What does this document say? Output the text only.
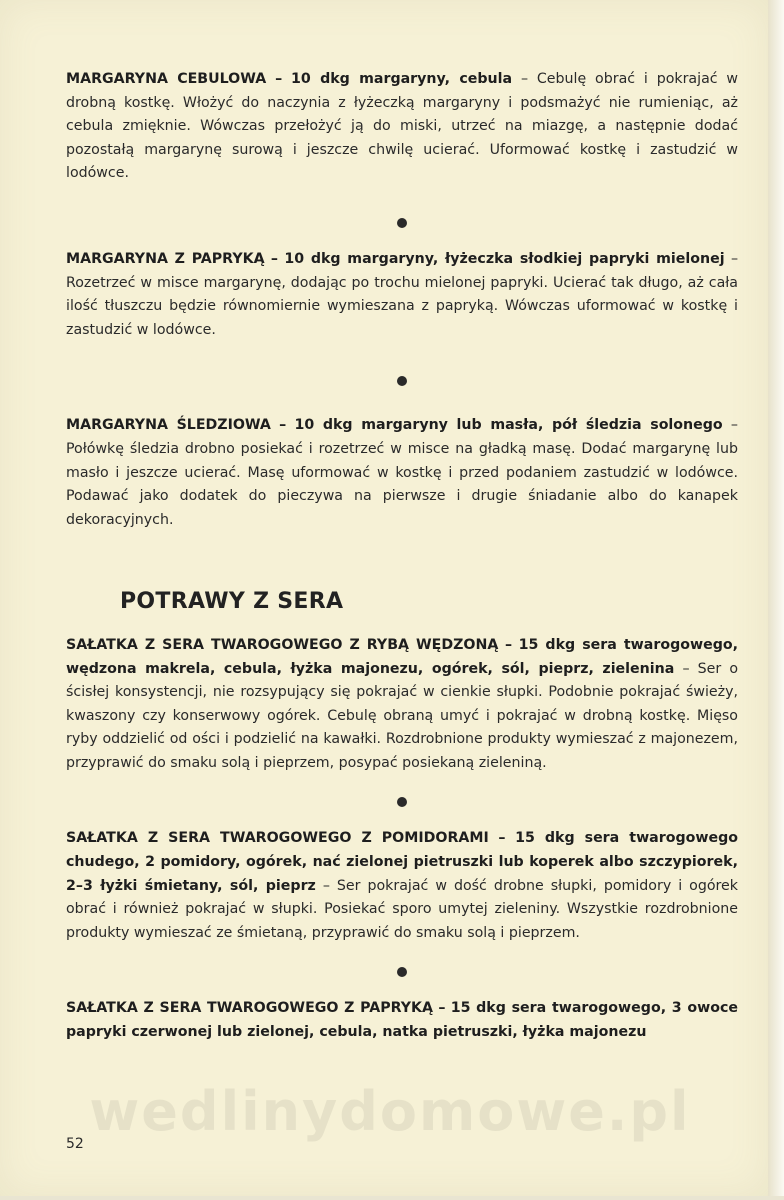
MARGARYNA CEBULOWA – 10 dkg margaryny, cebula – Cebulę obrać i pokrajać w drobną kostkę. Włożyć do naczynia z łyżeczką margaryny i podsmażyć nie rumieniąc, aż cebula zmięknie. Wówczas przełożyć ją do miski, utrzeć na miazgę, a następnie dodać pozostałą margarynę surową i jeszcze chwilę ucierać. Uformować kostkę i zastudzić w lodówce.

MARGARYNA Z PAPRYKĄ – 10 dkg margaryny, łyżeczka słodkiej papryki mielonej – Rozetrzeć w misce margarynę, dodając po trochu mielonej papryki. Ucierać tak długo, aż cała ilość tłuszczu będzie równomiernie wymieszana z papryką. Wówczas uformować w kostkę i zastudzić w lodówce.

MARGARYNA ŚLEDZIOWA – 10 dkg margaryny lub masła, pół śledzia solonego – Połówkę śledzia drobno posiekać i rozetrzeć w misce na gładką masę. Dodać margarynę lub masło i jeszcze ucierać. Masę uformować w kostkę i przed podaniem zastudzić w lodówce. Podawać jako dodatek do pieczywa na pierwsze i drugie śniadanie albo do kanapek dekoracyjnych.

POTRAWY Z SERA

SAŁATKA Z SERA TWAROGOWEGO Z RYBĄ WĘDZONĄ – 15 dkg sera twarogowego, wędzona makrela, cebula, łyżka majonezu, ogórek, sól, pieprz, zielenina – Ser o ścisłej konsystencji, nie rozsypujący się pokrajać w cienkie słupki. Podobnie pokrajać świeży, kwaszony czy konserwowy ogórek. Cebulę obraną umyć i pokrajać w drobną kostkę. Mięso ryby oddzielić od ości i podzielić na kawałki. Rozdrobnione produkty wymieszać z majonezem, przyprawić do smaku solą i pieprzem, posypać posiekaną zieleniną.

SAŁATKA Z SERA TWAROGOWEGO Z POMIDORAMI – 15 dkg sera twarogowego chudego, 2 pomidory, ogórek, nać zielonej pietruszki lub koperek albo szczypiorek, 2–3 łyżki śmietany, sól, pieprz – Ser pokrajać w dość drobne słupki, pomidory i ogórek obrać i również pokrajać w słupki. Posiekać sporo umytej zieleniny. Wszystkie rozdrobnione produkty wymieszać ze śmietaną, przyprawić do smaku solą i pieprzem.

SAŁATKA Z SERA TWAROGOWEGO Z PAPRYKĄ – 15 dkg sera twarogowego, 3 owoce papryki czerwonej lub zielonej, cebula, natka pietruszki, łyżka majonezu

wedlinydomowe.pl
52
